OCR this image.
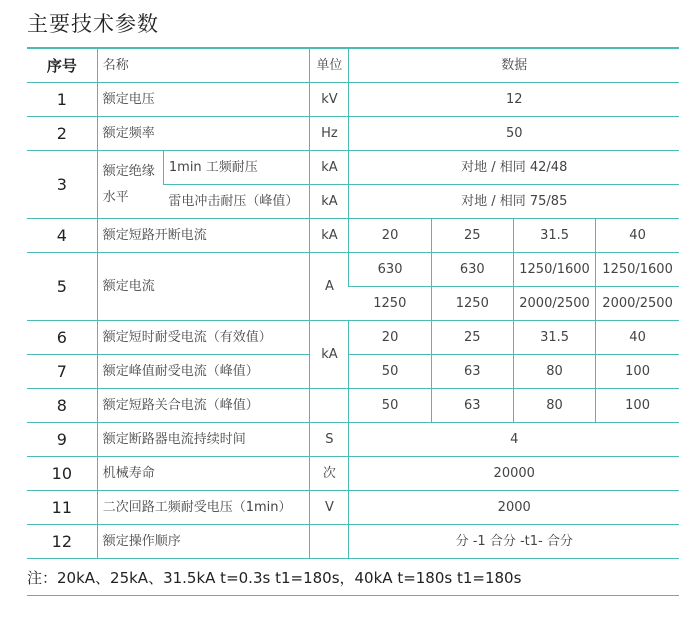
主要技术参数
序号	名称		单位	数据			
1	额定电压		kV	12			
2	额定频率		Hz	50			
3	额定绝缘水平	1min 工频耐压	kA	对地 / 相同 42/48			
		雷电冲击耐压（峰值）	kA	对地 / 相同 75/85			
4	额定短路开断电流		kA	20	25	31.5	40
5	额定电流		A	630	630	1250/1600	1250/1600
				1250	1250	2000/2500	2000/2500
6	额定短时耐受电流（有效值）		kA	20	25	31.5	40
7	额定峰值耐受电流（峰值）			50	63	80	100
8	额定短路关合电流（峰值）			50	63	80	100
9	额定断路器电流持续时间		S	4			
10	机械寿命		次	20000			
11	二次回路工频耐受电压（1min）		V	2000			
12	额定操作顺序			分 -1 合分 -t1- 合分			
注：20kA、25kA、31.5kA t=0.3s t1=180s，40kA t=180s t1=180s
